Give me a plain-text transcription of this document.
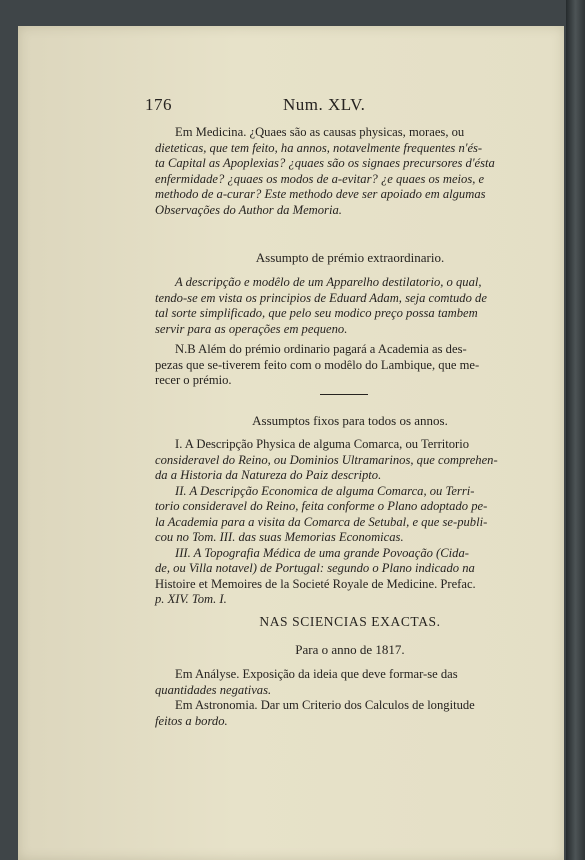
176	Num. XLV.
Em Medicina. ¿Quaes são as causas physicas, moraes, ou
dieteticas, que tem feito, ha annos, notavelmente frequentes n'és-
ta Capital as Apoplexias? ¿quaes são os signaes precursores d'ésta
enfermidade? ¿quaes os modos de a-evitar? ¿e quaes os meios, e
methodo de a-curar? Este methodo deve ser apoiado em algumas
Observações do Author da Memoria.
Assumpto de prémio extraordinario.
A descripção e modêlo de um Apparelho destilatorio, o qual,
tendo-se em vista os principios de Eduard Adam, seja comtudo de
tal sorte simplificado, que pelo seu modico preço possa tambem
servir para as operações em pequeno.
N.B Além do prémio ordinario pagará a Academia as des-
pezas que se-tiverem feito com o modêlo do Lambique, que me-
recer o prémio.
Assumptos fixos para todos os annos.
I. A Descripção Physica de alguma Comarca, ou Territorio
consideravel do Reino, ou Dominios Ultramarinos, que comprehen-
da a Historia da Natureza do Paiz descripto.
II. A Descripção Economica de alguma Comarca, ou Terri-
torio consideravel do Reino, feita conforme o Plano adoptado pe-
la Academia para a visita da Comarca de Setubal, e que se-publi-
cou no Tom. III. das suas Memorias Economicas.
III. A Topografia Médica de uma grande Povoação (Cida-
de, ou Villa notavel) de Portugal: segundo o Plano indicado na
Histoire et Memoires de la Societé Royale de Medicine. Prefac.
p. XIV. Tom. I.
NAS SCIENCIAS EXACTAS.
Para o anno de 1817.
Em Anályse. Exposição da ideia que deve formar-se das
quantidades negativas.
Em Astronomia. Dar um Criterio dos Calculos de longitude
feitos a bordo.
